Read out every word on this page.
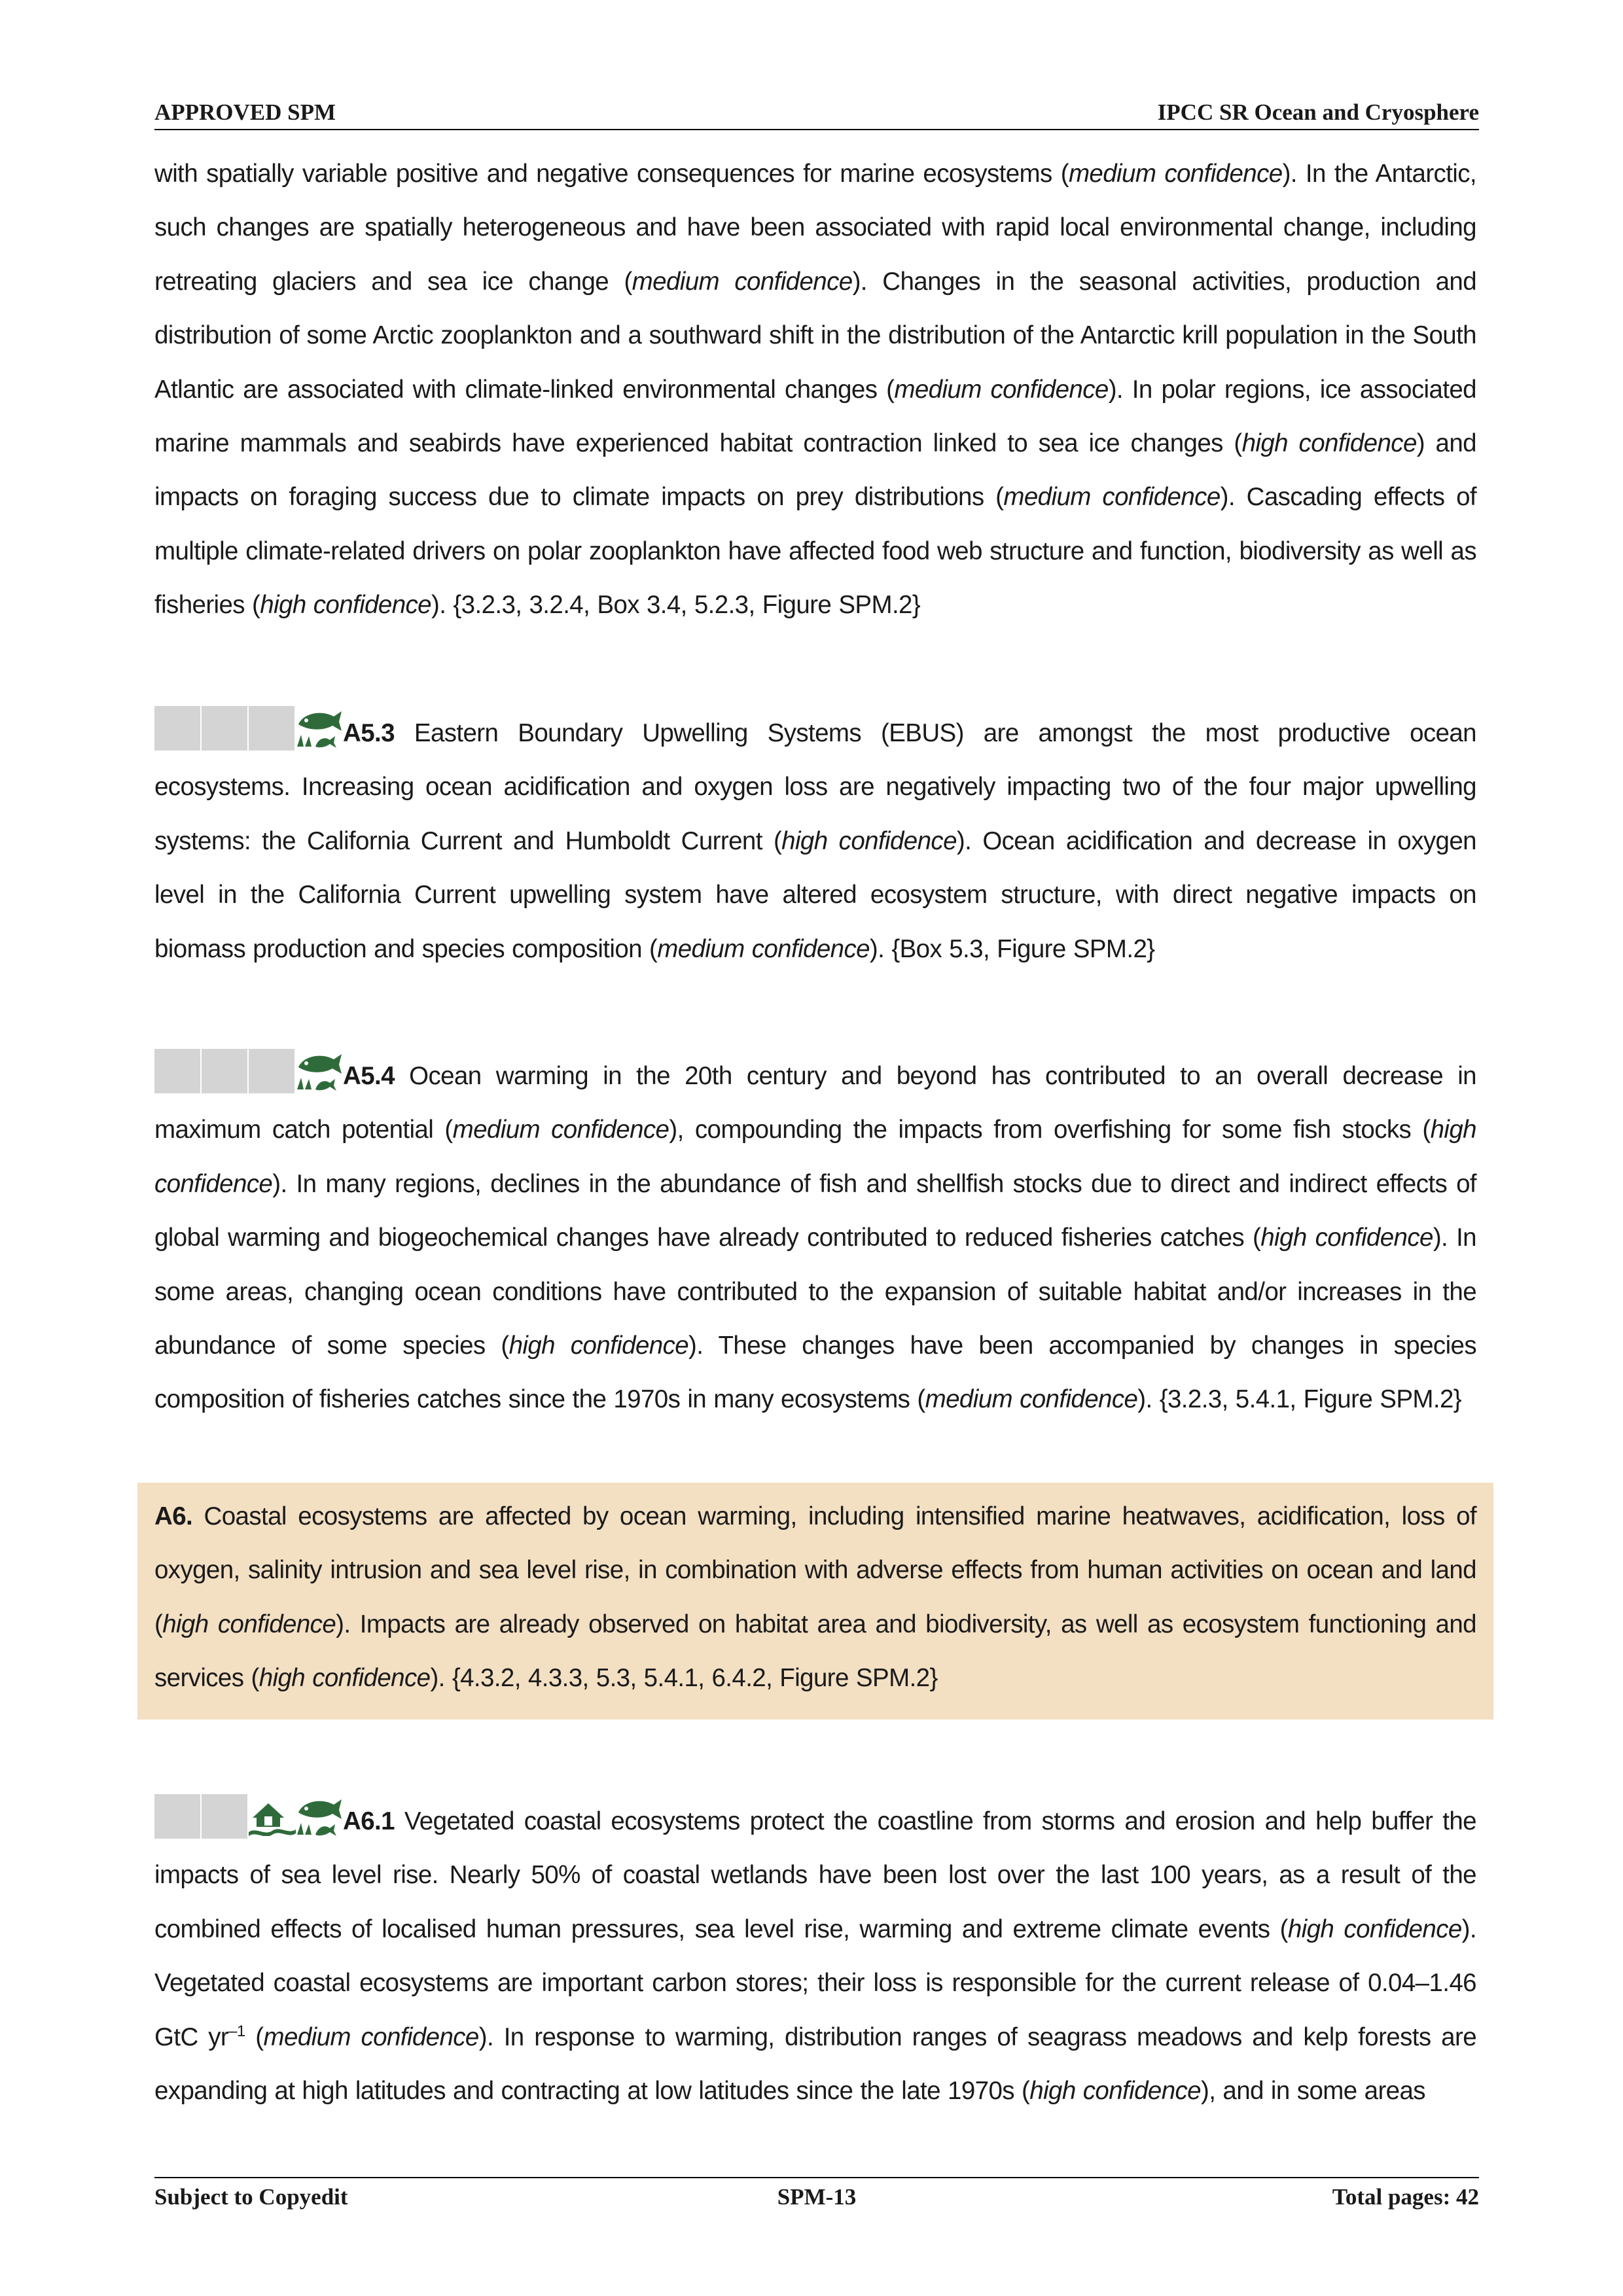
APPROVED SPM	IPCC SR Ocean and Cryosphere
with spatially variable positive and negative consequences for marine ecosystems (medium confidence). In the Antarctic, such changes are spatially heterogeneous and have been associated with rapid local environmental change, including retreating glaciers and sea ice change (medium confidence). Changes in the seasonal activities, production and distribution of some Arctic zooplankton and a southward shift in the distribution of the Antarctic krill population in the South Atlantic are associated with climate-linked environmental changes (medium confidence). In polar regions, ice associated marine mammals and seabirds have experienced habitat contraction linked to sea ice changes (high confidence) and impacts on foraging success due to climate impacts on prey distributions (medium confidence). Cascading effects of multiple climate-related drivers on polar zooplankton have affected food web structure and function, biodiversity as well as fisheries (high confidence). {3.2.3, 3.2.4, Box 3.4, 5.2.3, Figure SPM.2}
A5.3 Eastern Boundary Upwelling Systems (EBUS) are amongst the most productive ocean ecosystems. Increasing ocean acidification and oxygen loss are negatively impacting two of the four major upwelling systems: the California Current and Humboldt Current (high confidence). Ocean acidification and decrease in oxygen level in the California Current upwelling system have altered ecosystem structure, with direct negative impacts on biomass production and species composition (medium confidence). {Box 5.3, Figure SPM.2}
A5.4 Ocean warming in the 20th century and beyond has contributed to an overall decrease in maximum catch potential (medium confidence), compounding the impacts from overfishing for some fish stocks (high confidence). In many regions, declines in the abundance of fish and shellfish stocks due to direct and indirect effects of global warming and biogeochemical changes have already contributed to reduced fisheries catches (high confidence). In some areas, changing ocean conditions have contributed to the expansion of suitable habitat and/or increases in the abundance of some species (high confidence). These changes have been accompanied by changes in species composition of fisheries catches since the 1970s in many ecosystems (medium confidence). {3.2.3, 5.4.1, Figure SPM.2}
A6. Coastal ecosystems are affected by ocean warming, including intensified marine heatwaves, acidification, loss of oxygen, salinity intrusion and sea level rise, in combination with adverse effects from human activities on ocean and land (high confidence). Impacts are already observed on habitat area and biodiversity, as well as ecosystem functioning and services (high confidence). {4.3.2, 4.3.3, 5.3, 5.4.1, 6.4.2, Figure SPM.2}
A6.1 Vegetated coastal ecosystems protect the coastline from storms and erosion and help buffer the impacts of sea level rise. Nearly 50% of coastal wetlands have been lost over the last 100 years, as a result of the combined effects of localised human pressures, sea level rise, warming and extreme climate events (high confidence). Vegetated coastal ecosystems are important carbon stores; their loss is responsible for the current release of 0.04–1.46 GtC $yr^{-1}$ (medium confidence). In response to warming, distribution ranges of seagrass meadows and kelp forests are expanding at high latitudes and contracting at low latitudes since the late 1970s (high confidence), and in some areas
Subject to Copyedit	SPM-13	Total pages: 42
